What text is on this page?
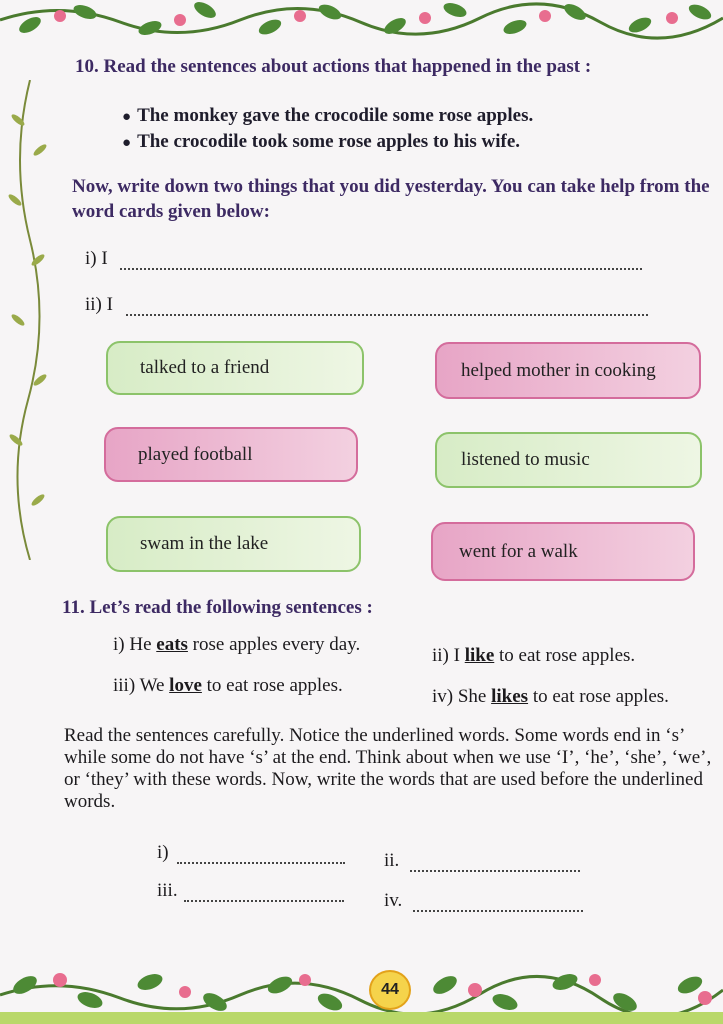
10. Read the sentences about actions that happened in the past :
● The monkey gave the crocodile some rose apples.
● The crocodile took some rose apples to his wife.
Now, write down two things that you did yesterday. You can take help from the word cards given below:
i) I
ii) I
talked to a friend	helped mother in cooking
played football	listened to music
swam in the lake	went for a walk
11. Let’s read the following sentences :
i) He eats rose apples every day.
ii) I like to eat rose apples.
iii) We love to eat rose apples.
iv) She likes to eat rose apples.
Read the sentences carefully. Notice the underlined words. Some words end in ‘s’ while some do not have ‘s’ at the end. Think about when we use ‘I’, ‘he’, ‘she’, ‘we’, or ‘they’ with these words. Now, write the words that are used before the underlined words.
i)	ii.
iii.	iv.
44
